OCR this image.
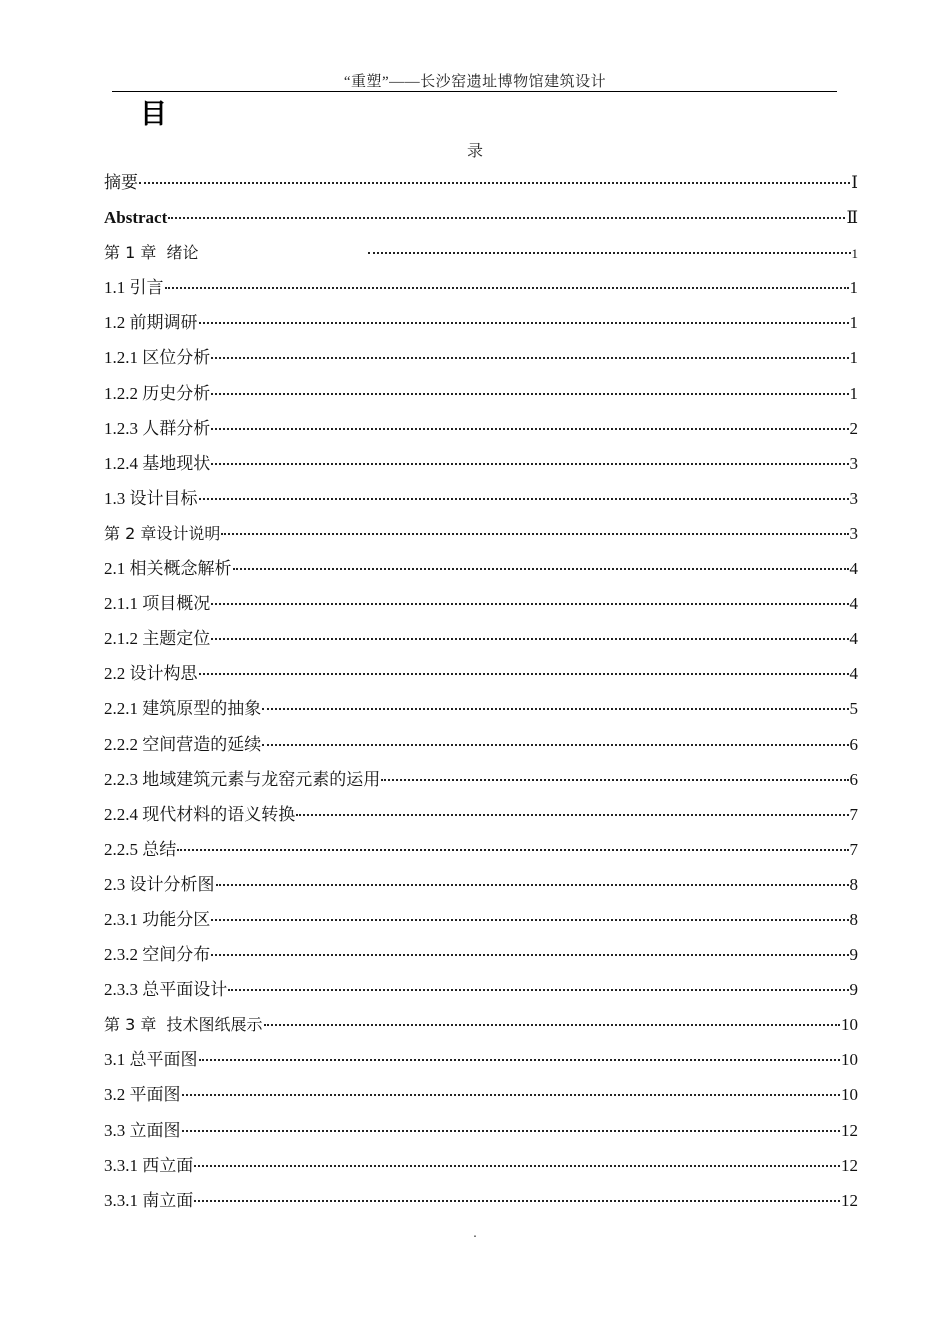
“重塑”——长沙窑遗址博物馆建筑设计
目
录
摘要	Ⅰ
Abstract	Ⅱ
第 1 章  绪论	1
1.1 引言	1
1.2 前期调研	1
1.2.1 区位分析	1
1.2.2 历史分析	1
1.2.3 人群分析	2
1.2.4 基地现状	3
1.3 设计目标	3
第 2 章设计说明	3
2.1 相关概念解析	4
2.1.1 项目概况	4
2.1.2 主题定位	4
2.2 设计构思	4
2.2.1 建筑原型的抽象	5
2.2.2 空间营造的延续	6
2.2.3 地域建筑元素与龙窑元素的运用	6
2.2.4 现代材料的语义转换	7
2.2.5 总结	7
2.3 设计分析图	8
2.3.1 功能分区	8
2.3.2 空间分布	9
2.3.3 总平面设计	9
第 3 章  技术图纸展示	10
3.1 总平面图	10
3.2 平面图	10
3.3 立面图	12
3.3.1 西立面	12
3.3.1 南立面	12
.
